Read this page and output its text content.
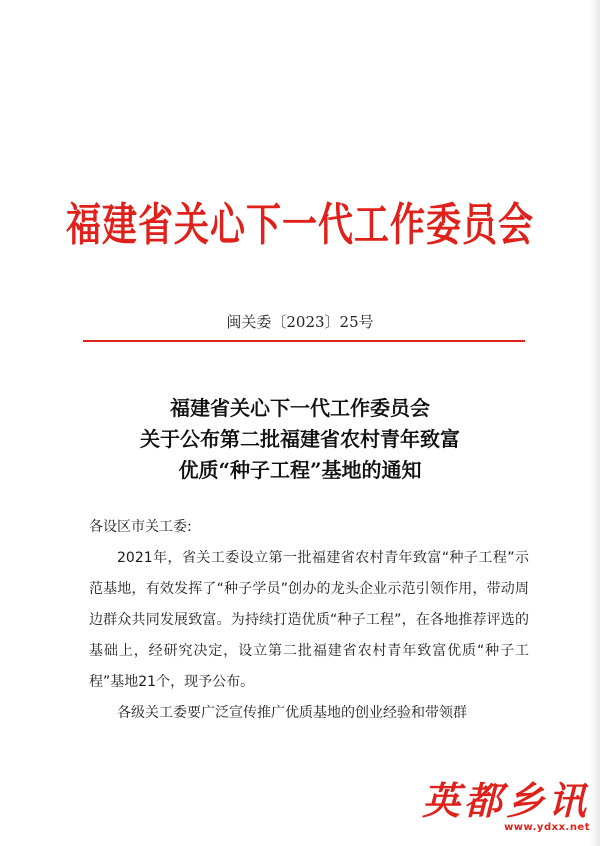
福建省关心下一代工作委员会
闽关委〔2023〕25号
福建省关心下一代工作委员会
关于公布第二批福建省农村青年致富
优质“种子工程”基地的通知
各设区市关工委:

2021年，省关工委设立第一批福建省农村青年致富“种子工程”示范基地，有效发挥了“种子学员”创办的龙头企业示范引领作用，带动周边群众共同发展致富。为持续打造优质“种子工程”，在各地推荐评选的基础上，经研究决定，设立第二批福建省农村青年致富优质“种子工程”基地21个，现予公布。

各级关工委要广泛宣传推广优质基地的创业经验和带领群

英都乡讯
www.ydxx.net
